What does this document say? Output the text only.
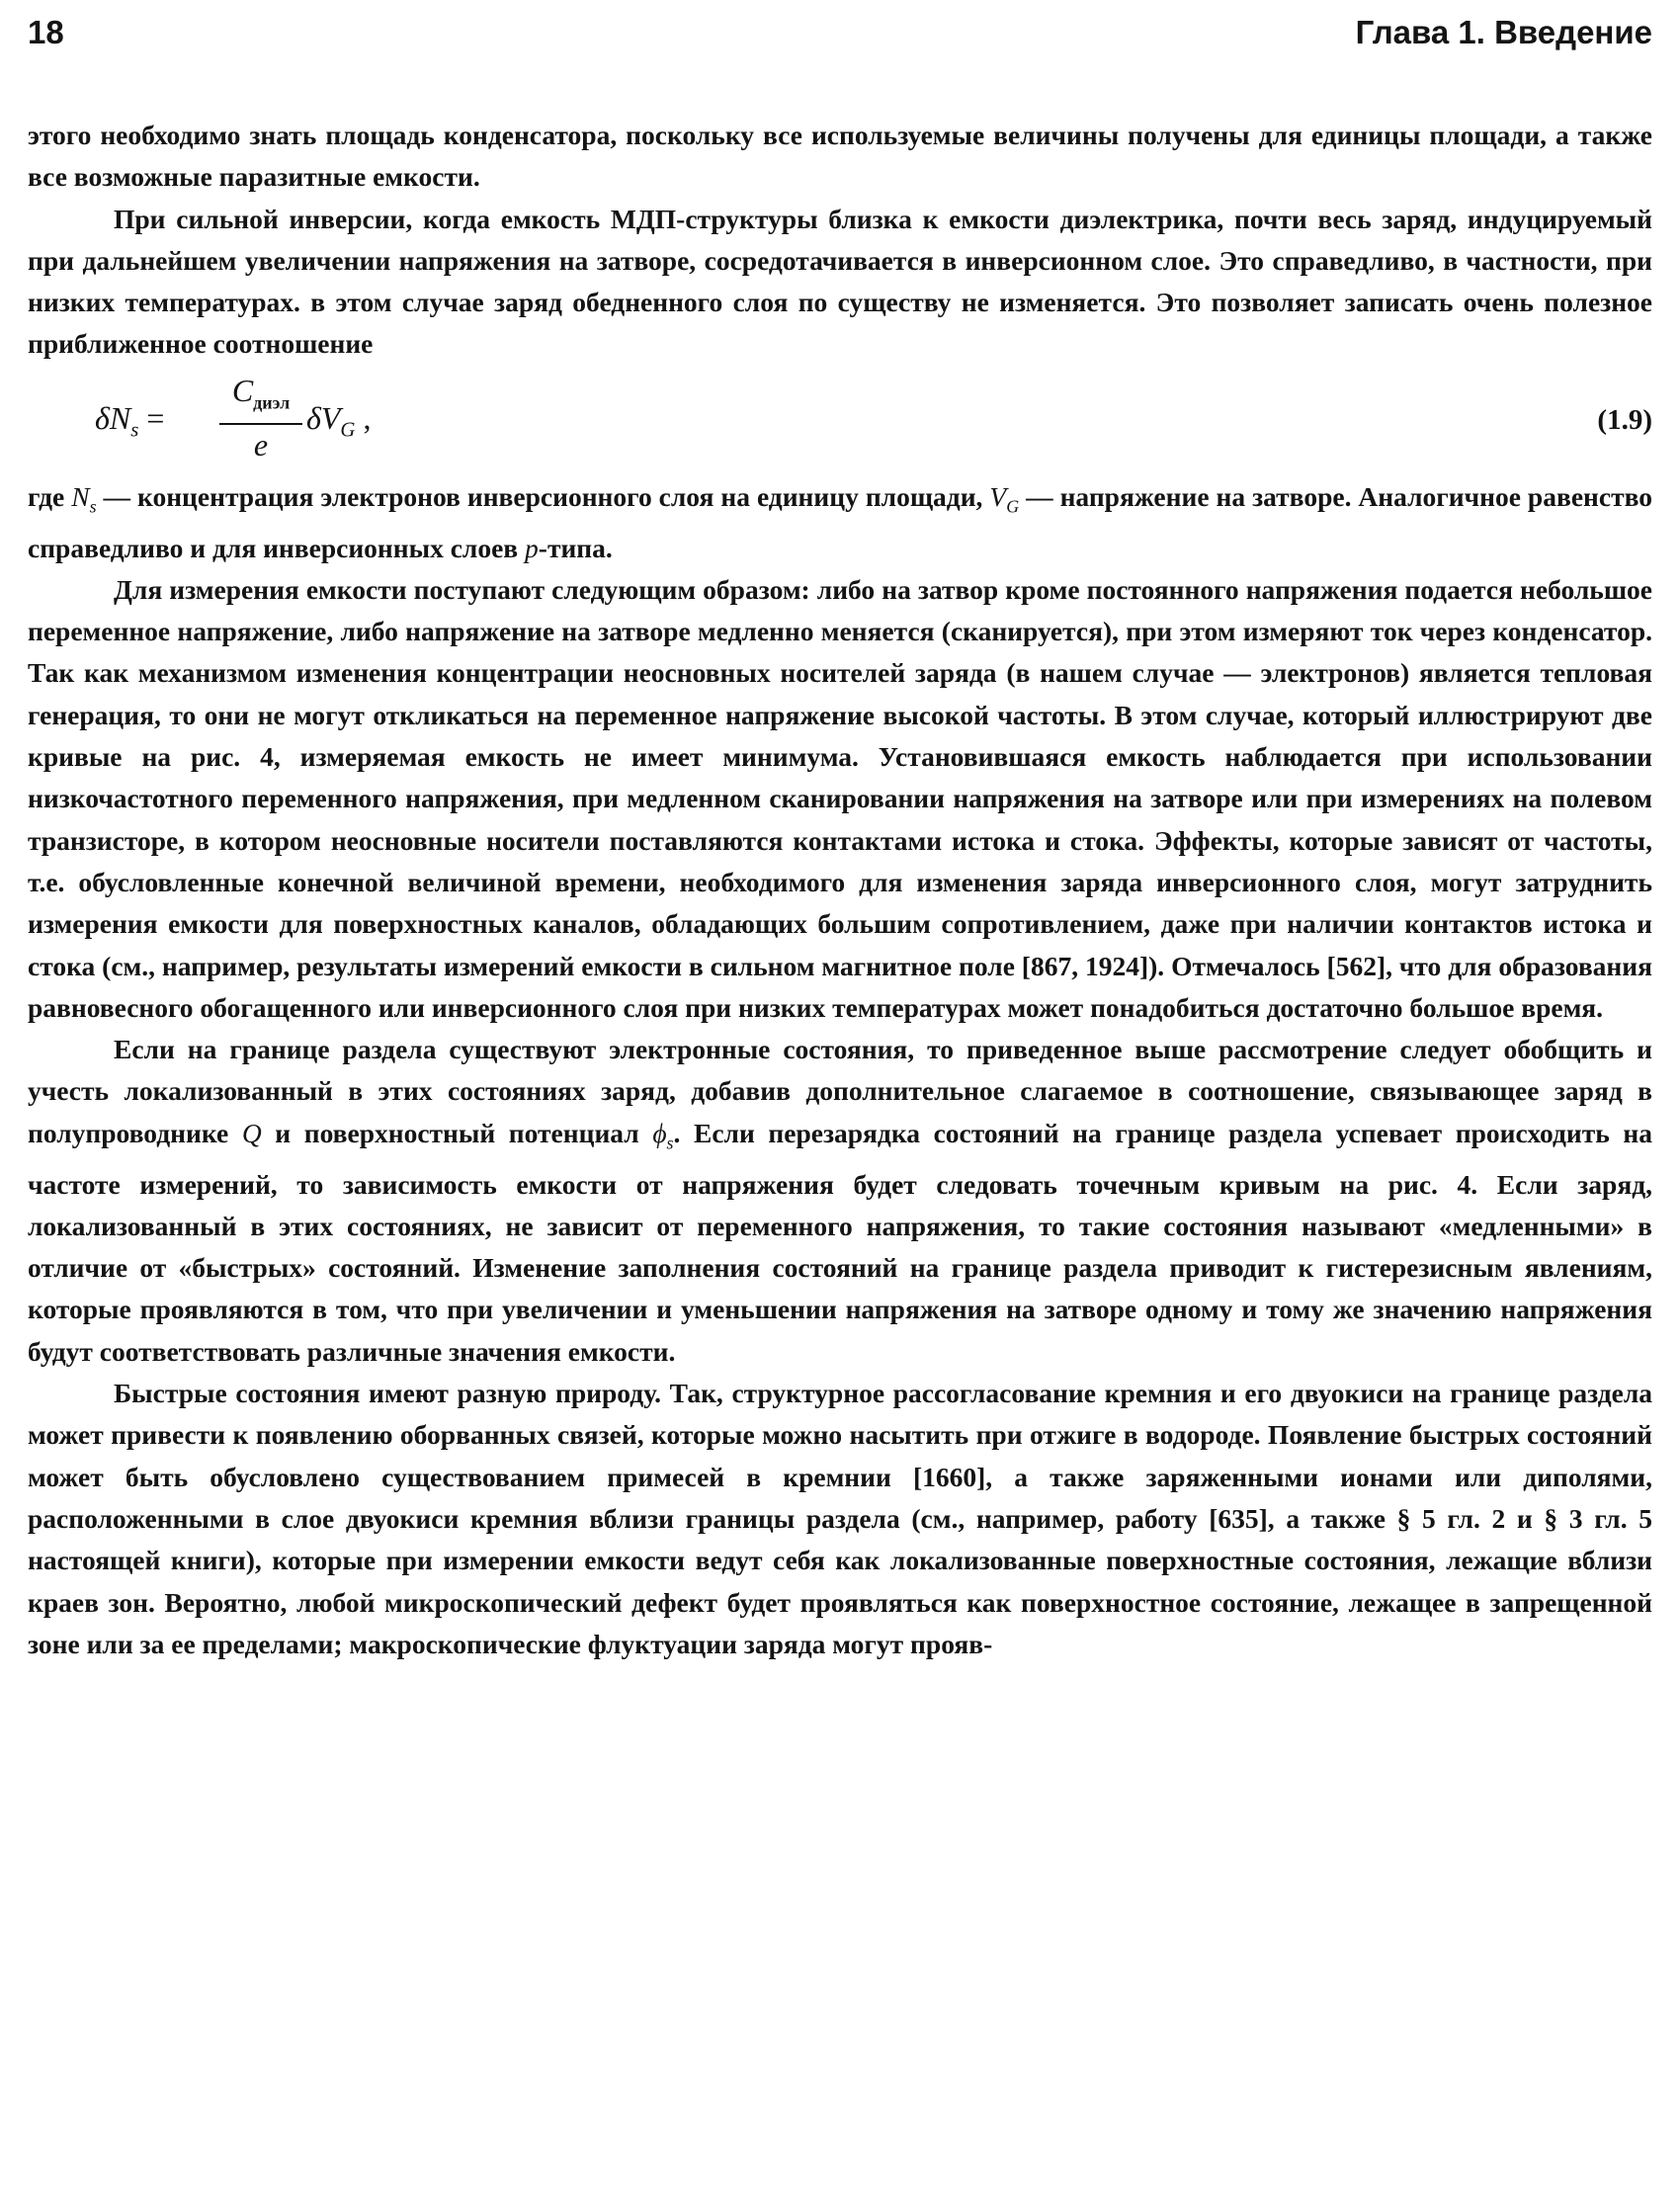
18	Глава 1. Введение

этого необходимо знать площадь конденсатора, поскольку все используемые величины получены для единицы площади, а также все возможные паразитные емкости.

При сильной инверсии, когда емкость МДП-структуры близка к емкости диэлектрика, почти весь заряд, индуцируемый при дальнейшем увеличении напряжения на затворе, сосредотачивается в инверсионном слое. Это справедливо, в частности, при низких температурах. в этом случае заряд обедненного слоя по существу не изменяется. Это позволяет записать очень полезное приближенное соотношение

$\delta N_s$ =
$C_{диэл}$
e
$\delta V_G$ ,	(1.9)

где $N_s$ — концентрация электронов инверсионного слоя на единицу площади, $V_G$ — напряжение на затворе. Аналогичное равенство справедливо и для инверсионных слоев p-типа.

Для измерения емкости поступают следующим образом: либо на затвор кроме постоянного напряжения подается небольшое переменное напряжение, либо напряжение на затворе медленно меняется (сканируется), при этом измеряют ток через конденсатор. Так как механизмом изменения концентрации неосновных носителей заряда (в нашем случае — электронов) является тепловая генерация, то они не могут откликаться на переменное напряжение высокой частоты. В этом случае, который иллюстрируют две кривые на рис. 4, измеряемая емкость не имеет минимума. Установившаяся емкость наблюдается при использовании низкочастотного переменного напряжения, при медленном сканировании напряжения на затворе или при измерениях на полевом транзисторе, в котором неосновные носители поставляются контактами истока и стока. Эффекты, которые зависят от частоты, т.е. обусловленные конечной величиной времени, необходимого для изменения заряда инверсионного слоя, могут затруднить измерения емкости для поверхностных каналов, обладающих большим сопротивлением, даже при наличии контактов истока и стока (см., например, результаты измерений емкости в сильном магнитное поле [867, 1924]). Отмечалось [562], что для образования равновесного обогащенного или инверсионного слоя при низких температурах может понадобиться достаточно большое время.

Если на границе раздела существуют электронные состояния, то приведенное выше рассмотрение следует обобщить и учесть локализованный в этих состояниях заряд, добавив дополнительное слагаемое в соотношение, связывающее заряд в полупроводнике Q и поверхностный потенциал $\phi_s$. Если перезарядка состояний на границе раздела успевает происходить на частоте измерений, то зависимость емкости от напряжения будет следовать точечным кривым на рис. 4. Если заряд, локализованный в этих состояниях, не зависит от переменного напряжения, то такие состояния называют «медленными» в отличие от «быстрых» состояний. Изменение заполнения состояний на границе раздела приводит к гистерезисным явлениям, которые проявляются в том, что при увеличении и уменьшении напряжения на затворе одному и тому же значению напряжения будут соответствовать различные значения емкости.

Быстрые состояния имеют разную природу. Так, структурное рассогласование кремния и его двуокиси на границе раздела может привести к появлению оборванных связей, которые можно насытить при отжиге в водороде. Появление быстрых состояний может быть обусловлено существованием примесей в кремнии [1660], а также заряженными ионами или диполями, расположенными в слое двуокиси кремния вблизи границы раздела (см., например, работу [635], а также § 5 гл. 2 и § 3 гл. 5 настоящей книги), которые при измерении емкости ведут себя как локализованные поверхностные состояния, лежащие вблизи краев зон. Вероятно, любой микроскопический дефект будет проявляться как поверхностное состояние, лежащее в запрещенной зоне или за ее пределами; макроскопические флуктуации заряда могут прояв-
